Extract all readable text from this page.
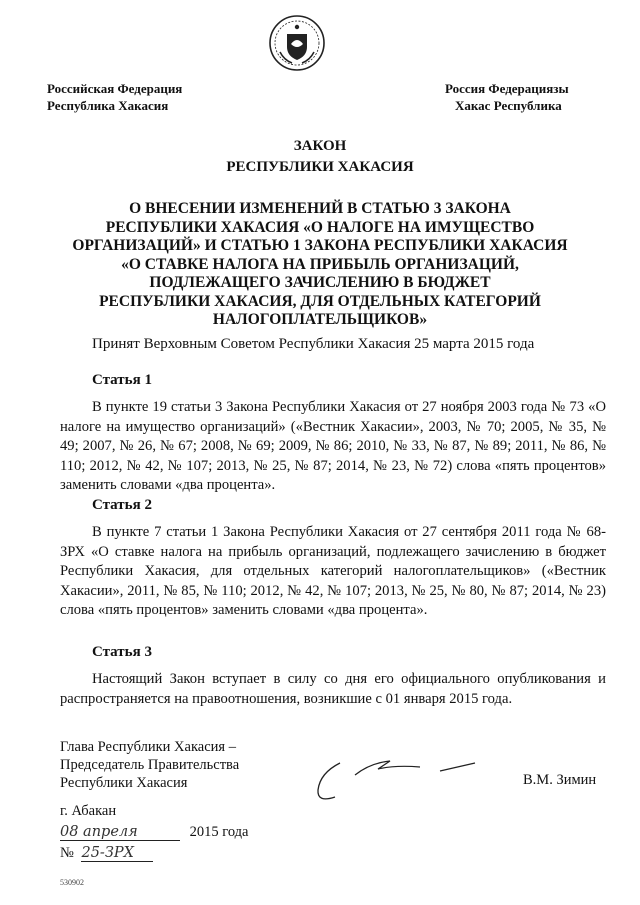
Российская Федерация
Республика Хакасия
Россия Федерациязы
Хакас Республика
ЗАКОН
РЕСПУБЛИКИ ХАКАСИЯ
О ВНЕСЕНИИ ИЗМЕНЕНИЙ В СТАТЬЮ 3 ЗАКОНА
РЕСПУБЛИКИ ХАКАСИЯ «О НАЛОГЕ НА ИМУЩЕСТВО
ОРГАНИЗАЦИЙ» И СТАТЬЮ 1 ЗАКОНА РЕСПУБЛИКИ ХАКАСИЯ
«О СТАВКЕ НАЛОГА НА ПРИБЫЛЬ ОРГАНИЗАЦИЙ,
ПОДЛЕЖАЩЕГО ЗАЧИСЛЕНИЮ В БЮДЖЕТ
РЕСПУБЛИКИ ХАКАСИЯ, ДЛЯ ОТДЕЛЬНЫХ КАТЕГОРИЙ
НАЛОГОПЛАТЕЛЬЩИКОВ»
Принят Верховным Советом Республики Хакасия 25 марта 2015 года
Статья 1
В пункте 19 статьи 3 Закона Республики Хакасия от 27 ноября 2003 года № 73 «О налоге на имущество организаций» («Вестник Хакасии», 2003, № 70; 2005, № 35, № 49; 2007, № 26, № 67; 2008, № 69; 2009, № 86; 2010, № 33, № 87, № 89; 2011, № 86, № 110; 2012, № 42, № 107; 2013, № 25, № 87; 2014, № 23, № 72) слова «пять процентов» заменить словами «два процента».
Статья 2
В пункте 7 статьи 1 Закона Республики Хакасия от 27 сентября 2011 года № 68-ЗРХ «О ставке налога на прибыль организаций, подлежащего зачислению в бюджет Республики Хакасия, для отдельных категорий налогоплательщиков» («Вестник Хакасии», 2011, № 85, № 110; 2012, № 42, № 107; 2013, № 25, № 80, № 87; 2014, № 23) слова «пять процентов» заменить словами «два процента».
Статья 3
Настоящий Закон вступает в силу со дня его официального опубликования и распространяется на правоотношения, возникшие с 01 января 2015 года.
Глава Республики Хакасия –
Председатель Правительства
Республики Хакасия	В.М. Зимин
г. Абакан
08 апреля	2015 года
№ 25-ЗРХ
530902
